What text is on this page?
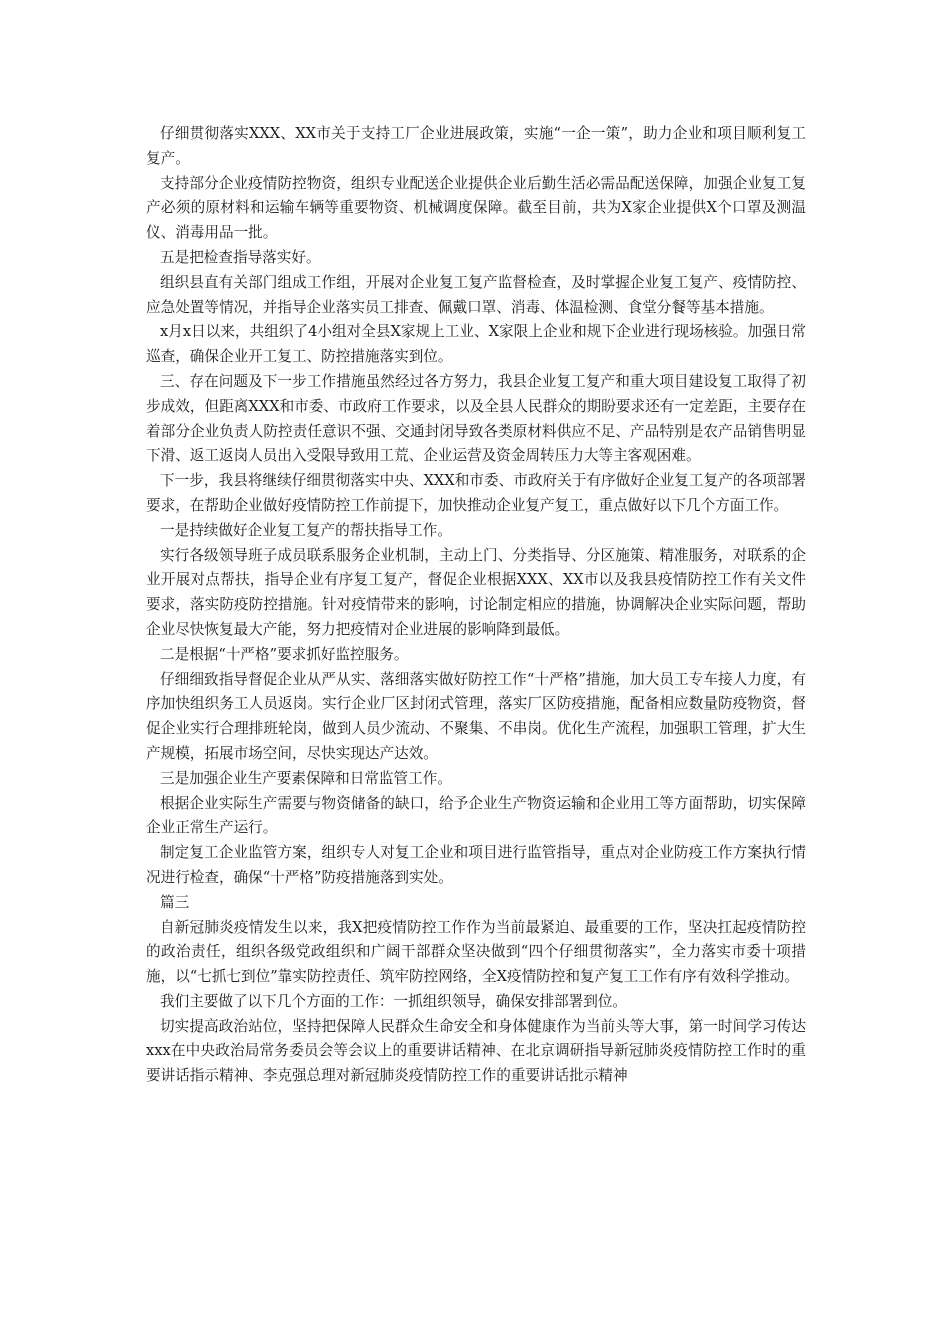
仔细贯彻落实XXX、XX市关于支持工厂企业进展政策，实施“一企一策”，助力企业和项目顺利复工复产。

支持部分企业疫情防控物资，组织专业配送企业提供企业后勤生活必需品配送保障，加强企业复工复产必须的原材料和运输车辆等重要物资、机械调度保障。截至目前，共为X家企业提供X个口罩及测温仪、消毒用品一批。

五是把检查指导落实好。

组织县直有关部门组成工作组，开展对企业复工复产监督检查，及时掌握企业复工复产、疫情防控、应急处置等情况，并指导企业落实员工排查、佩戴口罩、消毒、体温检测、食堂分餐等基本措施。

x月x日以来，共组织了4小组对全县X家规上工业、X家限上企业和规下企业进行现场核验。加强日常巡查，确保企业开工复工、防控措施落实到位。

三、存在问题及下一步工作措施虽然经过各方努力，我县企业复工复产和重大项目建设复工取得了初步成效，但距离XXX和市委、市政府工作要求，以及全县人民群众的期盼要求还有一定差距，主要存在着部分企业负责人防控责任意识不强、交通封闭导致各类原材料供应不足、产品特别是农产品销售明显下滑、返工返岗人员出入受限导致用工荒、企业运营及资金周转压力大等主客观困难。

下一步，我县将继续仔细贯彻落实中央、XXX和市委、市政府关于有序做好企业复工复产的各项部署要求，在帮助企业做好疫情防控工作前提下，加快推动企业复产复工，重点做好以下几个方面工作。

一是持续做好企业复工复产的帮扶指导工作。

实行各级领导班子成员联系服务企业机制，主动上门、分类指导、分区施策、精准服务，对联系的企业开展对点帮扶，指导企业有序复工复产，督促企业根据XXX、XX市以及我县疫情防控工作有关文件要求，落实防疫防控措施。针对疫情带来的影响，讨论制定相应的措施，协调解决企业实际问题，帮助企业尽快恢复最大产能，努力把疫情对企业进展的影响降到最低。

二是根据“十严格”要求抓好监控服务。

仔细细致指导督促企业从严从实、落细落实做好防控工作“十严格”措施，加大员工专车接人力度，有序加快组织务工人员返岗。实行企业厂区封闭式管理，落实厂区防疫措施，配备相应数量防疫物资，督促企业实行合理排班轮岗，做到人员少流动、不聚集、不串岗。优化生产流程，加强职工管理，扩大生产规模，拓展市场空间，尽快实现达产达效。

三是加强企业生产要素保障和日常监管工作。

根据企业实际生产需要与物资储备的缺口，给予企业生产物资运输和企业用工等方面帮助，切实保障企业正常生产运行。

制定复工企业监管方案，组织专人对复工企业和项目进行监管指导，重点对企业防疫工作方案执行情况进行检查，确保“十严格”防疫措施落到实处。

篇三

自新冠肺炎疫情发生以来，我X把疫情防控工作作为当前最紧迫、最重要的工作，坚决扛起疫情防控的政治责任，组织各级党政组织和广阔干部群众坚决做到“四个仔细贯彻落实”，全力落实市委十项措施，以“七抓七到位”靠实防控责任、筑牢防控网络，全X疫情防控和复产复工工作有序有效科学推动。

我们主要做了以下几个方面的工作：一抓组织领导，确保安排部署到位。

切实提高政治站位，坚持把保障人民群众生命安全和身体健康作为当前头等大事，第一时间学习传达xxx在中央政治局常务委员会等会议上的重要讲话精神、在北京调研指导新冠肺炎疫情防控工作时的重要讲话指示精神、李克强总理对新冠肺炎疫情防控工作的重要讲话批示精神
